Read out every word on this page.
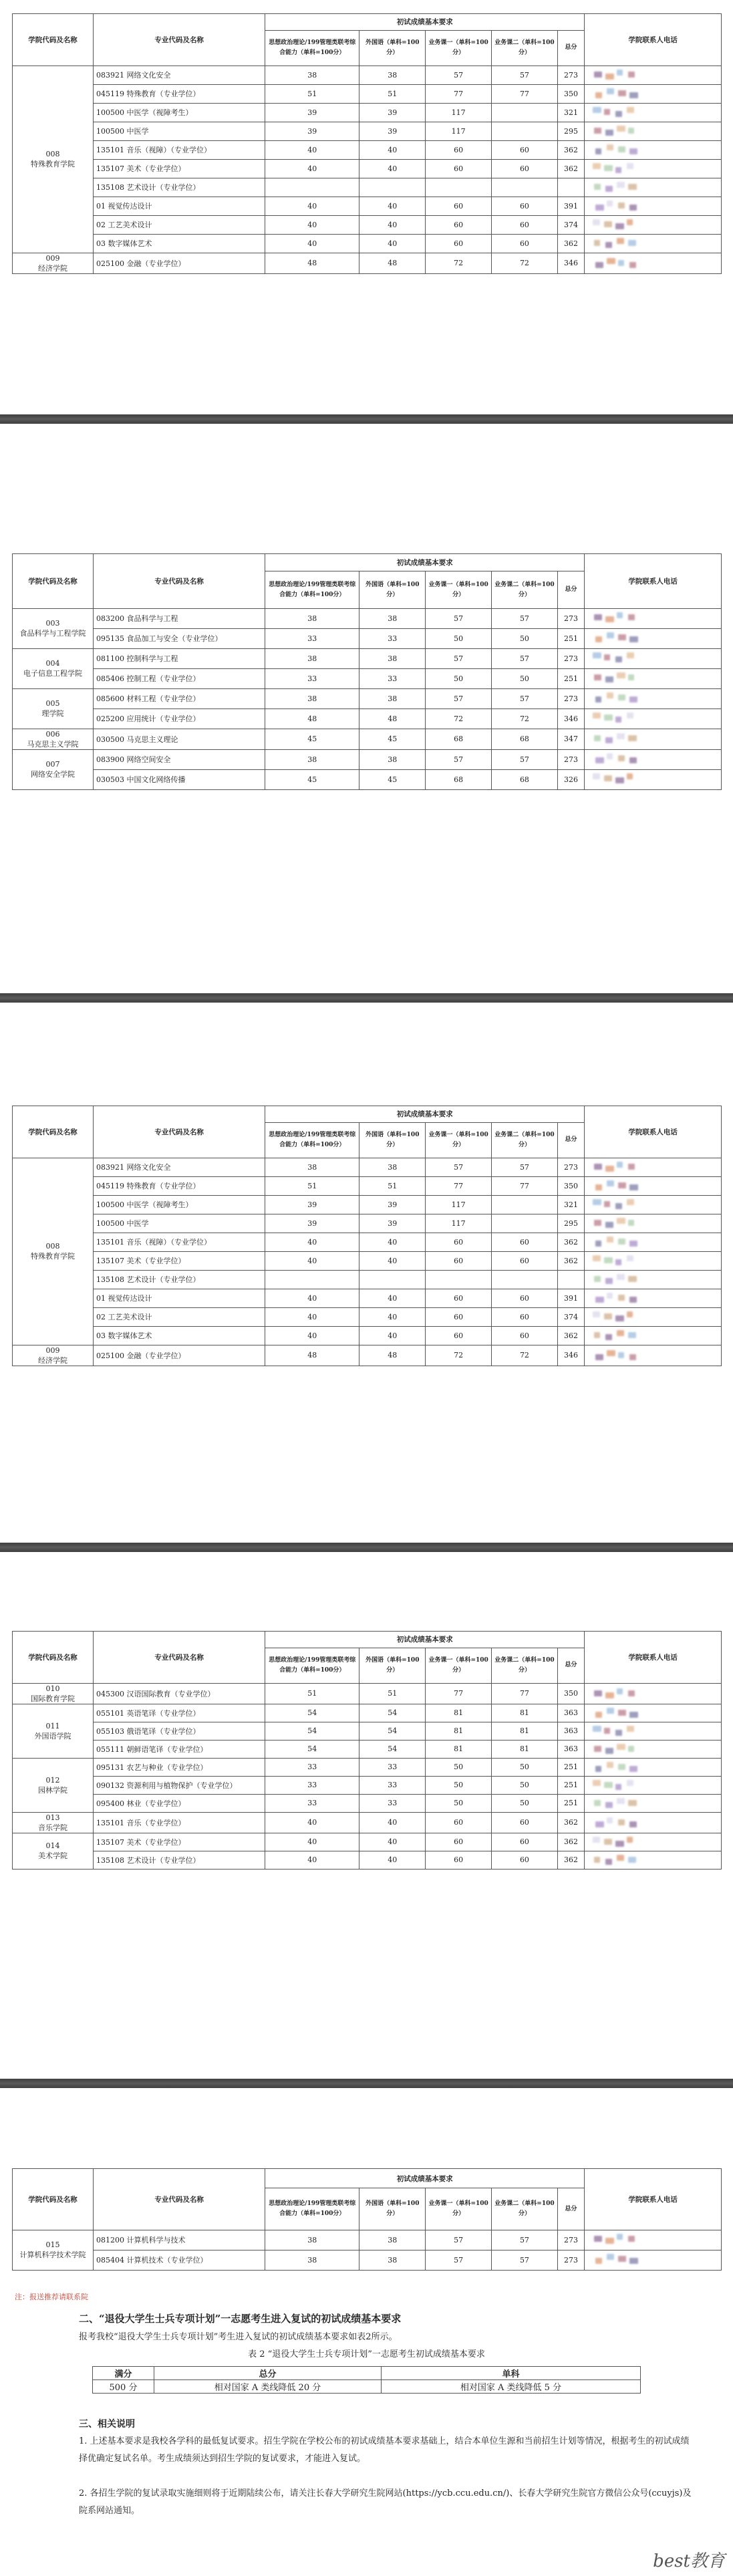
学院代码及名称	专业代码及名称	初试成绩基本要求					学院联系人电话
		思想政治理论/199管理类联考综合能力（单科=100分）	外国语（单科=100分）	业务课一（单科=100分）	业务课二（单科=100分）	总分	
008
特殊教育学院	083921 网络文化安全	38	38	57	57	273	

	045119 特殊教育（专业学位）	51	51	77	77	350	

	100500 中医学（视障考生）	39	39	117		321	

	100500 中医学	39	39	117		295	

	135101 音乐（视障）（专业学位）	40	40	60	60	362	

	135107 美术（专业学位）	40	40	60	60	362	

	135108 艺术设计（专业学位）						

	01 视觉传达设计	40	40	60	60	391	

	02 工艺美术设计	40	40	60	60	374	

	03 数字媒体艺术	40	40	60	60	362	

009
经济学院	025100 金融（专业学位）	48	48	72	72	346	
学院代码及名称	专业代码及名称	初试成绩基本要求					学院联系人电话
		思想政治理论/199管理类联考综合能力（单科=100分）	外国语（单科=100分）	业务课一（单科=100分）	业务课二（单科=100分）	总分	
003
食品科学与工程学院	083200 食品科学与工程	38	38	57	57	273	

	095135 食品加工与安全（专业学位）	33	33	50	50	251	

004
电子信息工程学院	081100 控制科学与工程	38	38	57	57	273	

	085406 控制工程（专业学位）	33	33	50	50	251	

005
理学院	085600 材料工程（专业学位）	38	38	57	57	273	

	025200 应用统计（专业学位）	48	48	72	72	346	

006
马克思主义学院	030500 马克思主义理论	45	45	68	68	347	

007
网络安全学院	083900 网络空间安全	38	38	57	57	273	

	030503 中国文化网络传播	45	45	68	68	326	
学院代码及名称	专业代码及名称	初试成绩基本要求					学院联系人电话
		思想政治理论/199管理类联考综合能力（单科=100分）	外国语（单科=100分）	业务课一（单科=100分）	业务课二（单科=100分）	总分	
008
特殊教育学院	083921 网络文化安全	38	38	57	57	273	

	045119 特殊教育（专业学位）	51	51	77	77	350	

	100500 中医学（视障考生）	39	39	117		321	

	100500 中医学	39	39	117		295	

	135101 音乐（视障）（专业学位）	40	40	60	60	362	

	135107 美术（专业学位）	40	40	60	60	362	

	135108 艺术设计（专业学位）						

	01 视觉传达设计	40	40	60	60	391	

	02 工艺美术设计	40	40	60	60	374	

	03 数字媒体艺术	40	40	60	60	362	

009
经济学院	025100 金融（专业学位）	48	48	72	72	346	
学院代码及名称	专业代码及名称	初试成绩基本要求					学院联系人电话
		思想政治理论/199管理类联考综合能力（单科=100分）	外国语（单科=100分）	业务课一（单科=100分）	业务课二（单科=100分）	总分	
010
国际教育学院	045300 汉语国际教育（专业学位）	51	51	77	77	350	

011
外国语学院	055101 英语笔译（专业学位）	54	54	81	81	363	

	055103 俄语笔译（专业学位）	54	54	81	81	363	

	055111 朝鲜语笔译（专业学位）	54	54	81	81	363	

012
园林学院	095131 农艺与种业（专业学位）	33	33	50	50	251	

	090132 资源利用与植物保护（专业学位）	33	33	50	50	251	

	095400 林业（专业学位）	33	33	50	50	251	

013
音乐学院	135101 音乐（专业学位）	40	40	60	60	362	

014
美术学院	135107 美术（专业学位）	40	40	60	60	362	

	135108 艺术设计（专业学位）	40	40	60	60	362	
学院代码及名称	专业代码及名称	初试成绩基本要求					学院联系人电话
		思想政治理论/199管理类联考综合能力（单科=100分）	外国语（单科=100分）	业务课一（单科=100分）	业务课二（单科=100分）	总分	
015
计算机科学技术学院	081200 计算机科学与技术	38	38	57	57	273	

	085404 计算机技术（专业学位）	38	38	57	57	273	
注：报送推荐请联系院
二、“退役大学生士兵专项计划”一志愿考生进入复试的初试成绩基本要求
报考我校“退役大学生士兵专项计划”考生进入复试的初试成绩基本要求如表2所示。
表 2 “退役大学生士兵专项计划”一志愿考生初试成绩基本要求
满分	总分	单科
500 分	相对国家 A 类线降低 20 分	相对国家 A 类线降低 5 分
三、相关说明
1. 上述基本要求是我校各学科的最低复试要求。招生学院在学校公布的初试成绩基本要求基础上，结合本单位生源和当前招生计划等情况，根据考生的初试成绩择优确定复试名单。考生成绩须达到招生学院的复试要求，才能进入复试。
2. 各招生学院的复试录取实施细则将于近期陆续公布，请关注长春大学研究生院网站(https://ycb.ccu.edu.cn/)、长春大学研究生院官方微信公众号(ccuyjs)及院系网站通知。
best教育
